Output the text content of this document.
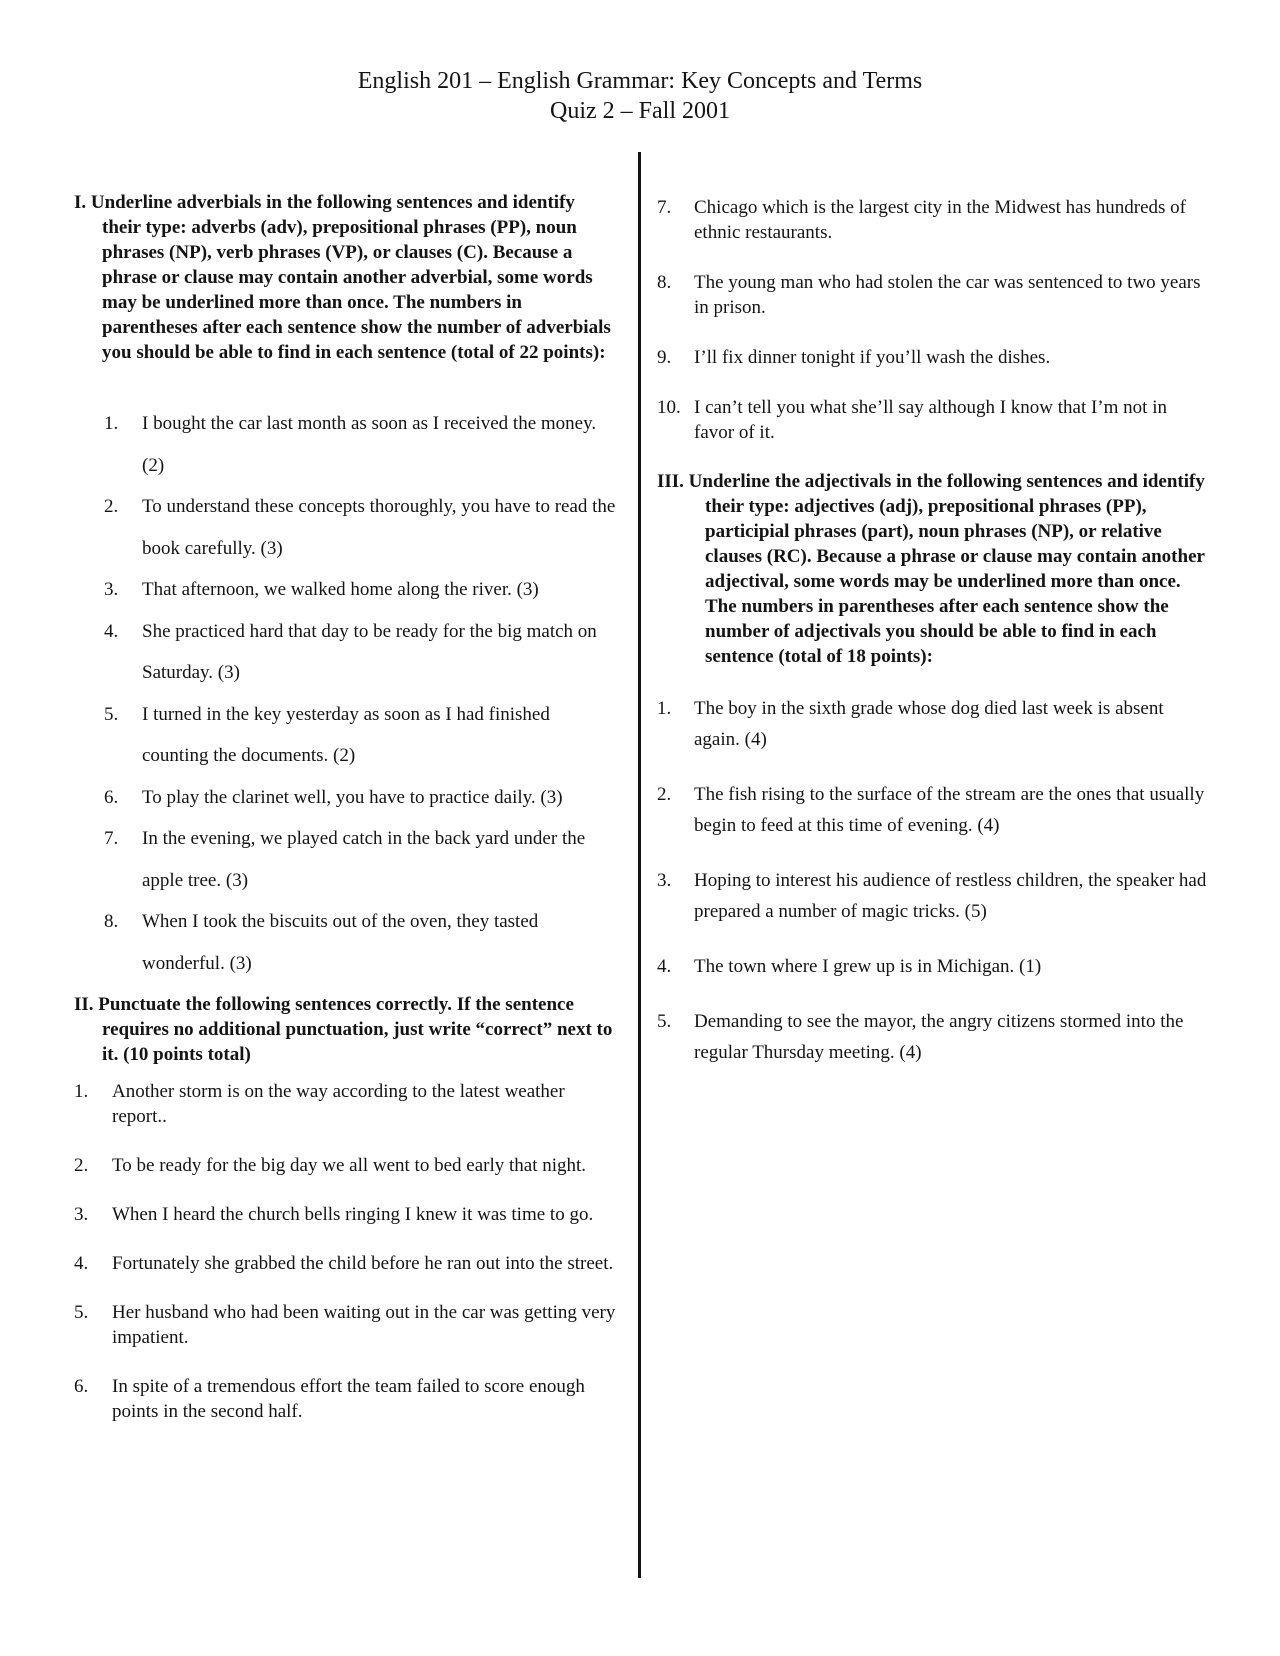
English 201 – English Grammar: Key Concepts and Terms
Quiz 2 – Fall 2001
I. Underline adverbials in the following sentences and identify their type: adverbs (adv), prepositional phrases (PP), noun phrases (NP), verb phrases (VP), or clauses (C). Because a phrase or clause may contain another adverbial, some words may be underlined more than once. The numbers in parentheses after each sentence show the number of adverbials you should be able to find in each sentence (total of 22 points):
1.	I bought the car last month as soon as I received the money. (2)
2.	To understand these concepts thoroughly, you have to read the book carefully. (3)
3.	That afternoon, we walked home along the river. (3)
4.	She practiced hard that day to be ready for the big match on Saturday. (3)
5.	I turned in the key yesterday as soon as I had finished counting the documents. (2)
6.	To play the clarinet well, you have to practice daily. (3)
7.	In the evening, we played catch in the back yard under the apple tree. (3)
8.	When I took the biscuits out of the oven, they tasted wonderful. (3)
II. Punctuate the following sentences correctly. If the sentence requires no additional punctuation, just write “correct” next to it. (10 points total)
1.	Another storm is on the way according to the latest weather report..
2.	To be ready for the big day we all went to bed early that night.
3.	When I heard the church bells ringing I knew it was time to go.
4.	Fortunately she grabbed the child before he ran out into the street.
5.	Her husband who had been waiting out in the car was getting very impatient.
6.	In spite of a tremendous effort the team failed to score enough points in the second half.
7.	Chicago which is the largest city in the Midwest has hundreds of ethnic restaurants.
8.	The young man who had stolen the car was sentenced to two years in prison.
9.	I’ll fix dinner tonight if you’ll wash the dishes.
10. I can’t tell you what she’ll say although I know that I’m not in favor of it.
III. Underline the adjectivals in the following sentences and identify their type: adjectives (adj), prepositional phrases (PP), participial phrases (part), noun phrases (NP), or relative clauses (RC). Because a phrase or clause may contain another adjectival, some words may be underlined more than once. The numbers in parentheses after each sentence show the number of adjectivals you should be able to find in each sentence (total of 18 points):
1.	The boy in the sixth grade whose dog died last week is absent again. (4)
2.	The fish rising to the surface of the stream are the ones that usually begin to feed at this time of evening. (4)
3.	Hoping to interest his audience of restless children, the speaker had prepared a number of magic tricks. (5)
4.	The town where I grew up is in Michigan. (1)
5.	Demanding to see the mayor, the angry citizens stormed into the regular Thursday meeting. (4)
